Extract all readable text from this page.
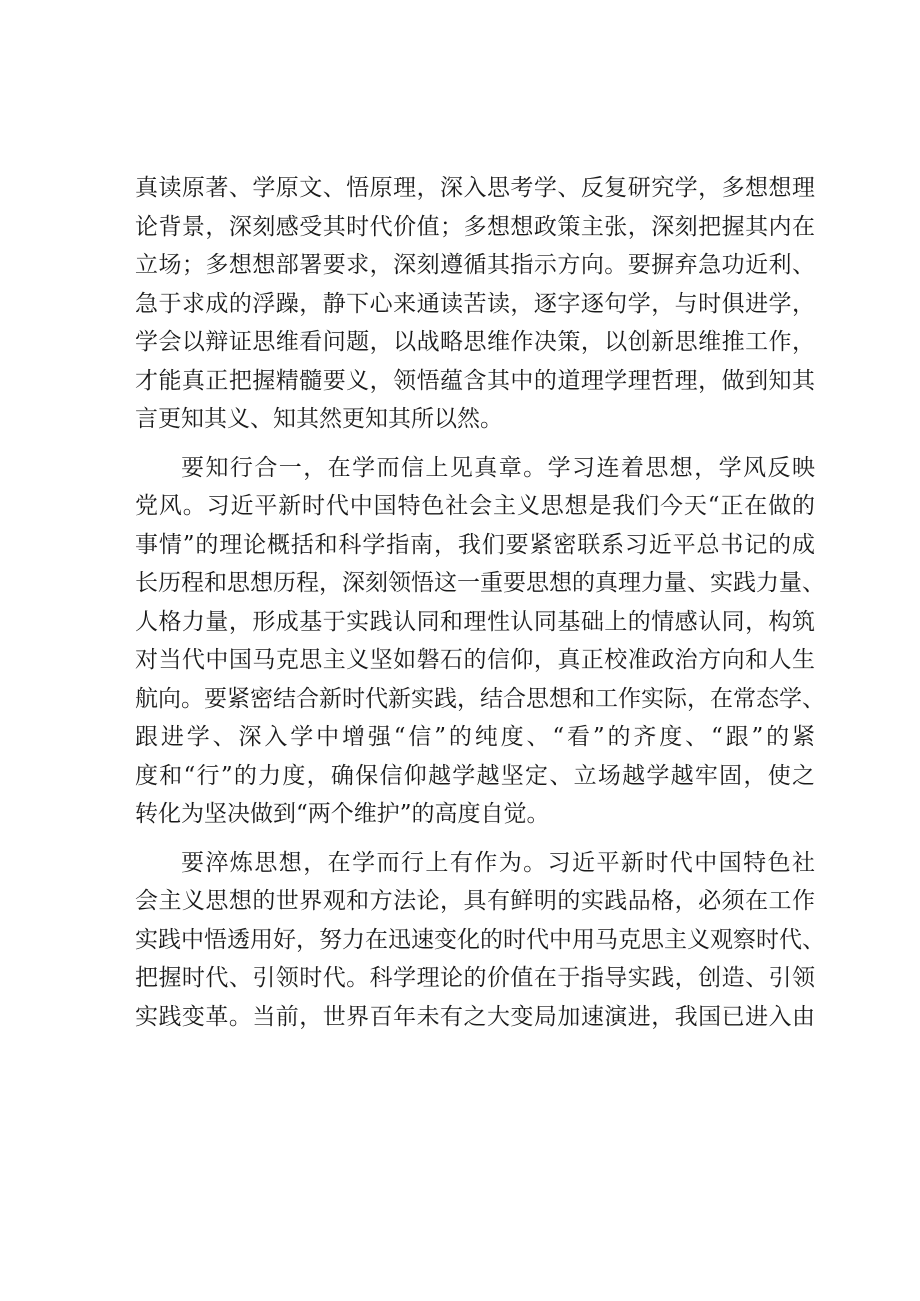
真读原著、学原文、悟原理，深入思考学、反复研究学，多想想理
论背景，深刻感受其时代价值；多想想政策主张，深刻把握其内在
立场；多想想部署要求，深刻遵循其指示方向。要摒弃急功近利、
急于求成的浮躁，静下心来通读苦读，逐字逐句学，与时俱进学，
学会以辩证思维看问题，以战略思维作决策，以创新思维推工作，
才能真正把握精髓要义，领悟蕴含其中的道理学理哲理，做到知其
言更知其义、知其然更知其所以然。
要知行合一，在学而信上见真章。学习连着思想，学风反映
党风。习近平新时代中国特色社会主义思想是我们今天“正在做的
事情”的理论概括和科学指南，我们要紧密联系习近平总书记的成
长历程和思想历程，深刻领悟这一重要思想的真理力量、实践力量、
人格力量，形成基于实践认同和理性认同基础上的情感认同，构筑
对当代中国马克思主义坚如磐石的信仰，真正校准政治方向和人生
航向。要紧密结合新时代新实践，结合思想和工作实际，在常态学、
跟进学、深入学中增强“信”的纯度、“看”的齐度、“跟”的紧
度和“行”的力度，确保信仰越学越坚定、立场越学越牢固，使之
转化为坚决做到“两个维护”的高度自觉。
要淬炼思想，在学而行上有作为。习近平新时代中国特色社
会主义思想的世界观和方法论，具有鲜明的实践品格，必须在工作
实践中悟透用好，努力在迅速变化的时代中用马克思主义观察时代、
把握时代、引领时代。科学理论的价值在于指导实践，创造、引领
实践变革。当前，世界百年未有之大变局加速演进，我国已进入由
